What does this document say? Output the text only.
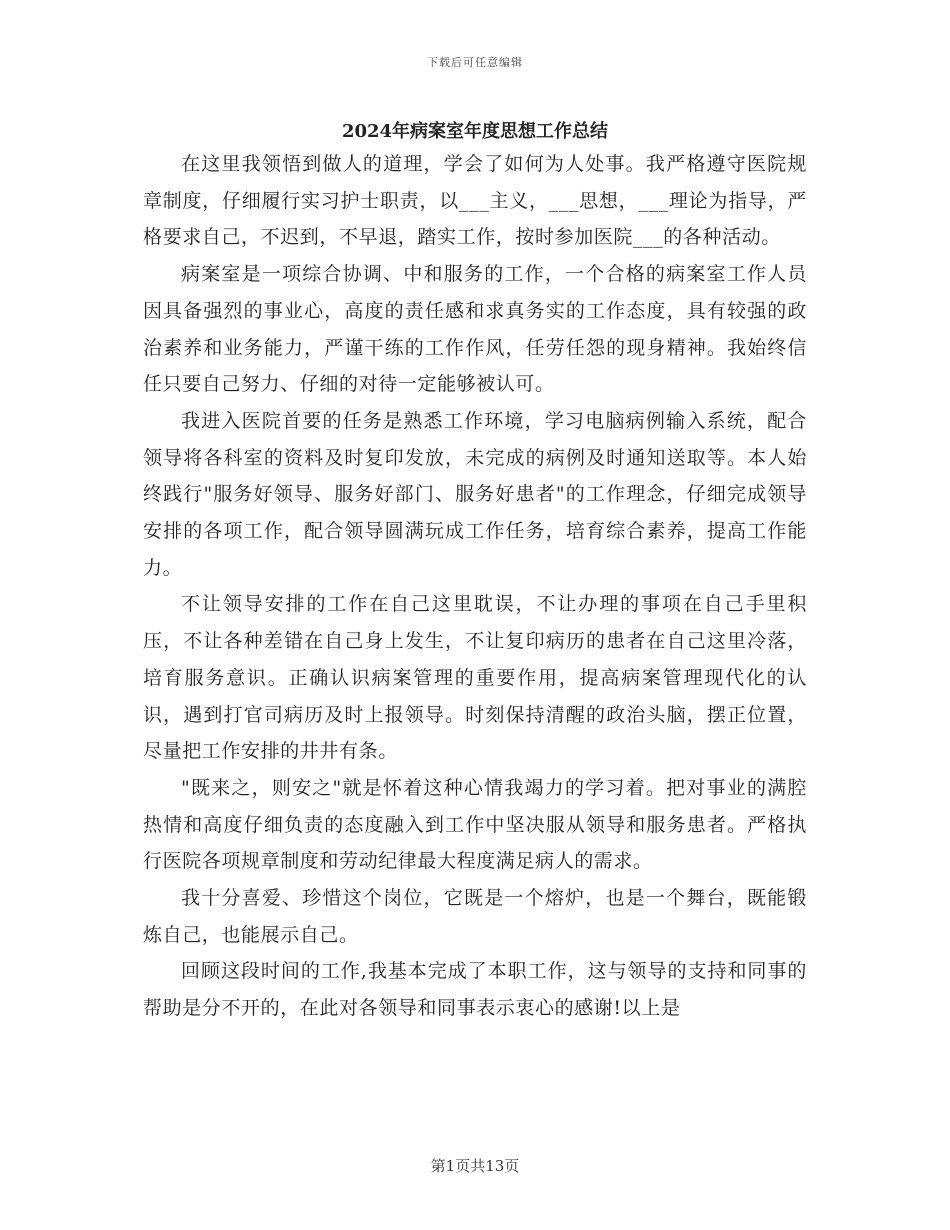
下载后可任意编辑
2024年病案室年度思想工作总结

在这里我领悟到做人的道理，学会了如何为人处事。我严格遵守医院规章制度，仔细履行实习护士职责，以___主义，___思想，___理论为指导，严格要求自己，不迟到，不早退，踏实工作，按时参加医院___的各种活动。

病案室是一项综合协调、中和服务的工作，一个合格的病案室工作人员因具备强烈的事业心，高度的责任感和求真务实的工作态度，具有较强的政治素养和业务能力，严谨干练的工作作风，任劳任怨的现身精神。我始终信任只要自己努力、仔细的对待一定能够被认可。

我进入医院首要的任务是熟悉工作环境，学习电脑病例输入系统，配合领导将各科室的资料及时复印发放，未完成的病例及时通知送取等。本人始终践行"服务好领导、服务好部门、服务好患者"的工作理念，仔细完成领导安排的各项工作，配合领导圆满玩成工作任务，培育综合素养，提高工作能力。

不让领导安排的工作在自己这里耽误，不让办理的事项在自己手里积压，不让各种差错在自己身上发生，不让复印病历的患者在自己这里冷落，培育服务意识。正确认识病案管理的重要作用，提高病案管理现代化的认识，遇到打官司病历及时上报领导。时刻保持清醒的政治头脑，摆正位置，尽量把工作安排的井井有条。

"既来之，则安之"就是怀着这种心情我竭力的学习着。把对事业的满腔热情和高度仔细负责的态度融入到工作中坚决服从领导和服务患者。严格执行医院各项规章制度和劳动纪律最大程度满足病人的需求。

我十分喜爱、珍惜这个岗位，它既是一个熔炉，也是一个舞台，既能锻炼自己，也能展示自己。

回顾这段时间的工作,我基本完成了本职工作，这与领导的支持和同事的帮助是分不开的，在此对各领导和同事表示衷心的感谢!以上是

第1页共13页
